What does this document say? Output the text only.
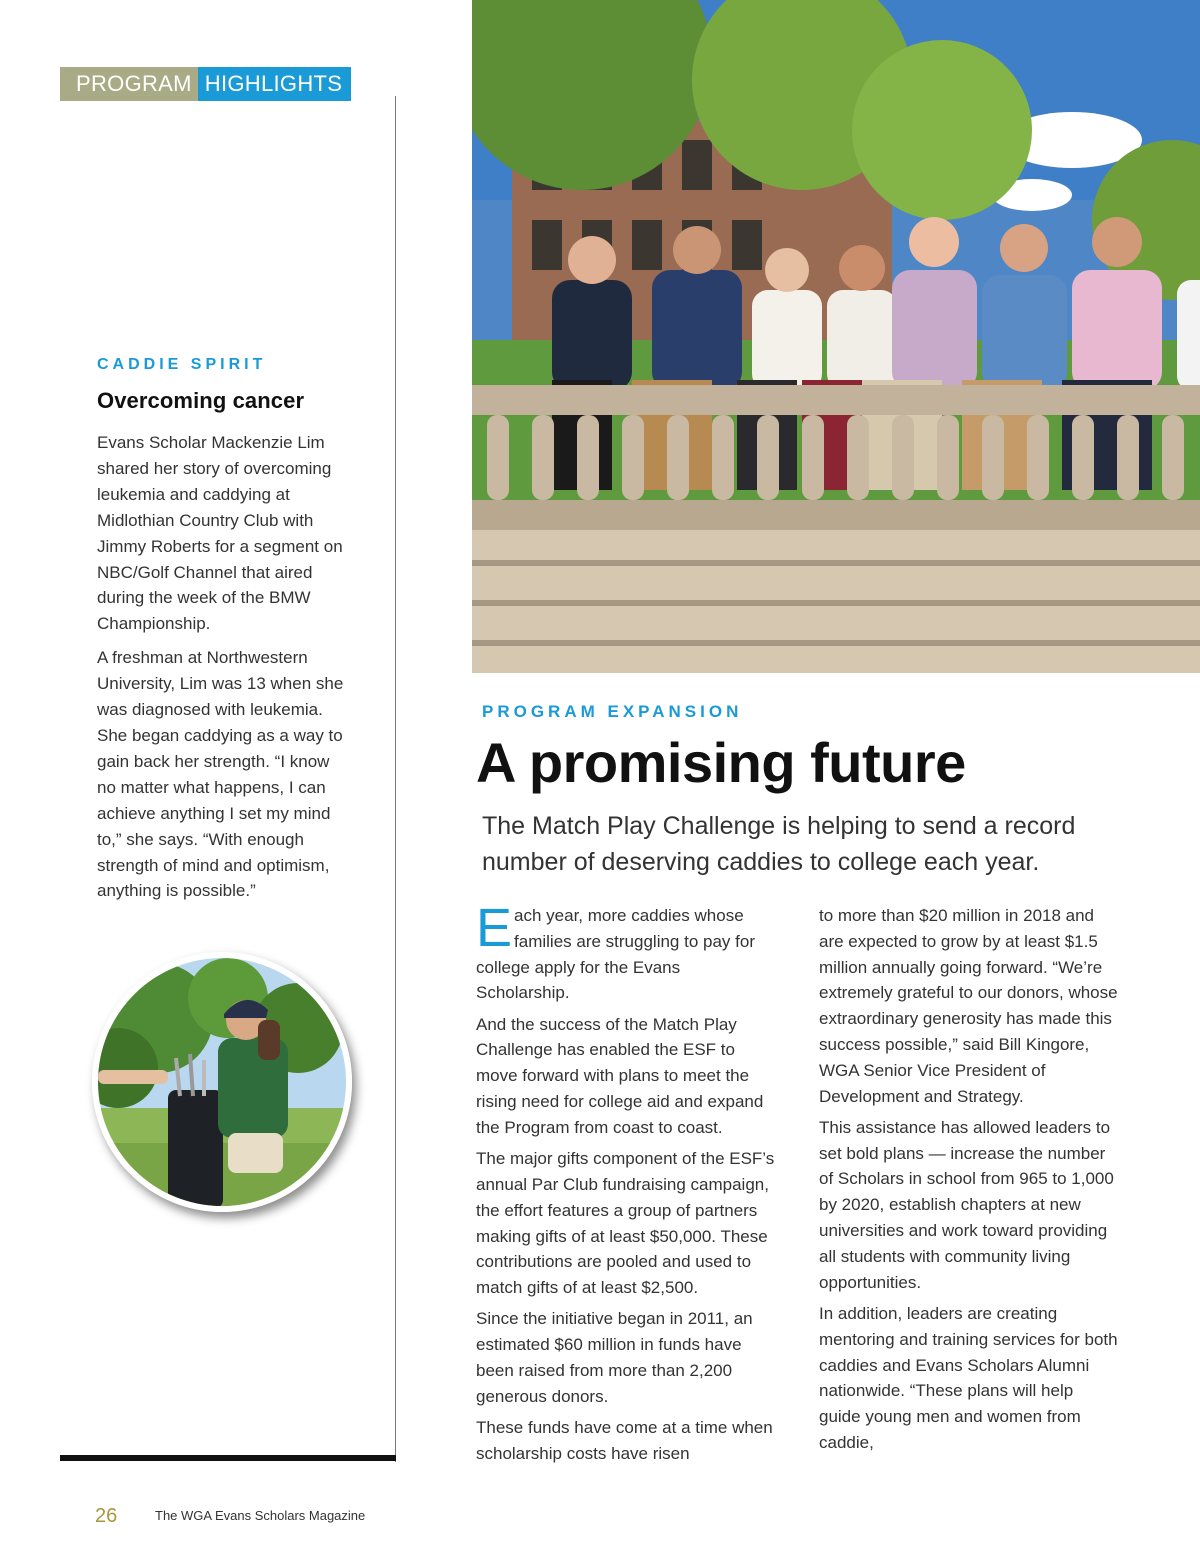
PROGRAM HIGHLIGHTS
CADDIE SPIRIT
Overcoming cancer

Evans Scholar Mackenzie Lim shared her story of overcoming leukemia and caddying at Midlothian Country Club with Jimmy Roberts for a segment on NBC/Golf Channel that aired during the week of the BMW Championship.

A freshman at Northwestern University, Lim was 13 when she was diagnosed with leukemia. She began caddying as a way to gain back her strength. “I know no matter what happens, I can achieve anything I set my mind to,” she says. “With enough strength of mind and optimism, anything is possible.”

PROGRAM EXPANSION
A promising future
The Match Play Challenge is helping to send a record number of deserving caddies to college each year.

Each year, more caddies whose families are struggling to pay for college apply for the Evans Scholarship.

And the success of the Match Play Challenge has enabled the ESF to move forward with plans to meet the rising need for college aid and expand the Program from coast to coast.

The major gifts component of the ESF’s annual Par Club fundraising campaign, the effort features a group of partners making gifts of at least $50,000. These contributions are pooled and used to match gifts of at least $2,500.

Since the initiative began in 2011, an estimated $60 million in funds have been raised from more than 2,200 generous donors.

These funds have come at a time when scholarship costs have risen

to more than $20 million in 2018 and are expected to grow by at least $1.5 million annually going forward. “We’re extremely grateful to our donors, whose extraordinary generosity has made this success possible,” said Bill Kingore, WGA Senior Vice President of Development and Strategy.

This assistance has allowed leaders to set bold plans — increase the number of Scholars in school from 965 to 1,000 by 2020, establish chapters at new universities and work toward providing all students with community living opportunities.

In addition, leaders are creating mentoring and training services for both caddies and Evans Scholars Alumni nationwide. “These plans will help guide young men and women from caddie,

26	The WGA Evans Scholars Magazine
